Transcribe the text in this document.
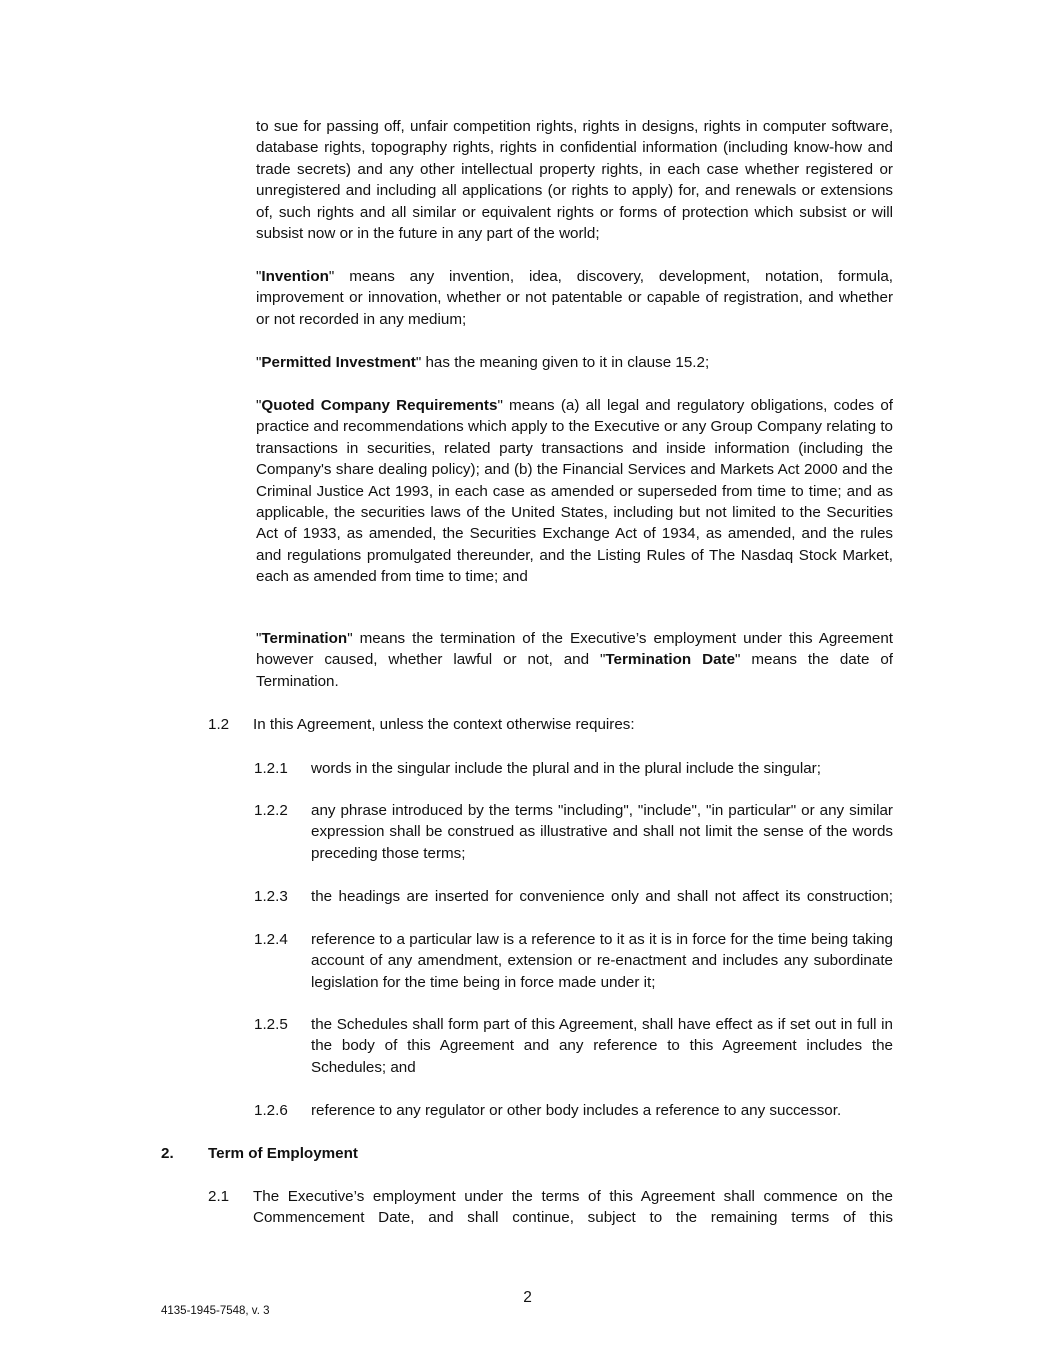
to sue for passing off, unfair competition rights, rights in designs, rights in computer software, database rights, topography rights, rights in confidential information (including know-how and trade secrets) and any other intellectual property rights, in each case whether registered or unregistered and including all applications (or rights to apply) for, and renewals or extensions of, such rights and all similar or equivalent rights or forms of protection which subsist or will subsist now or in the future in any part of the world;

"Invention" means any invention, idea, discovery, development, notation, formula, improvement or innovation, whether or not patentable or capable of registration, and whether or not recorded in any medium;

"Permitted Investment" has the meaning given to it in clause 15.2;

"Quoted Company Requirements" means (a) all legal and regulatory obligations, codes of practice and recommendations which apply to the Executive or any Group Company relating to transactions in securities, related party transactions and inside information (including the Company's share dealing policy); and (b) the Financial Services and Markets Act 2000 and the Criminal Justice Act 1993, in each case as amended or superseded from time to time; and as applicable, the securities laws of the United States, including but not limited to the Securities Act of 1933, as amended, the Securities Exchange Act of 1934, as amended, and the rules and regulations promulgated thereunder, and the Listing Rules of The Nasdaq Stock Market, each as amended from time to time; and

"Termination" means the termination of the Executive’s employment under this Agreement however caused, whether lawful or not, and "Termination Date" means the date of Termination.

1.2 In this Agreement, unless the context otherwise requires:

1.2.1 words in the singular include the plural and in the plural include the singular;

1.2.2 any phrase introduced by the terms "including", "include", "in particular" or any similar expression shall be construed as illustrative and shall not limit the sense of the words preceding those terms;

1.2.3 the headings are inserted for convenience only and shall not affect its construction;

1.2.4 reference to a particular law is a reference to it as it is in force for the time being taking account of any amendment, extension or re-enactment and includes any subordinate legislation for the time being in force made under it;

1.2.5 the Schedules shall form part of this Agreement, shall have effect as if set out in full in the body of this Agreement and any reference to this Agreement includes the Schedules; and

1.2.6 reference to any regulator or other body includes a reference to any successor.

2. Term of Employment

2.1 The Executive’s employment under the terms of this Agreement shall commence on the Commencement Date, and shall continue, subject to the remaining terms of this

2
4135-1945-7548, v. 3
